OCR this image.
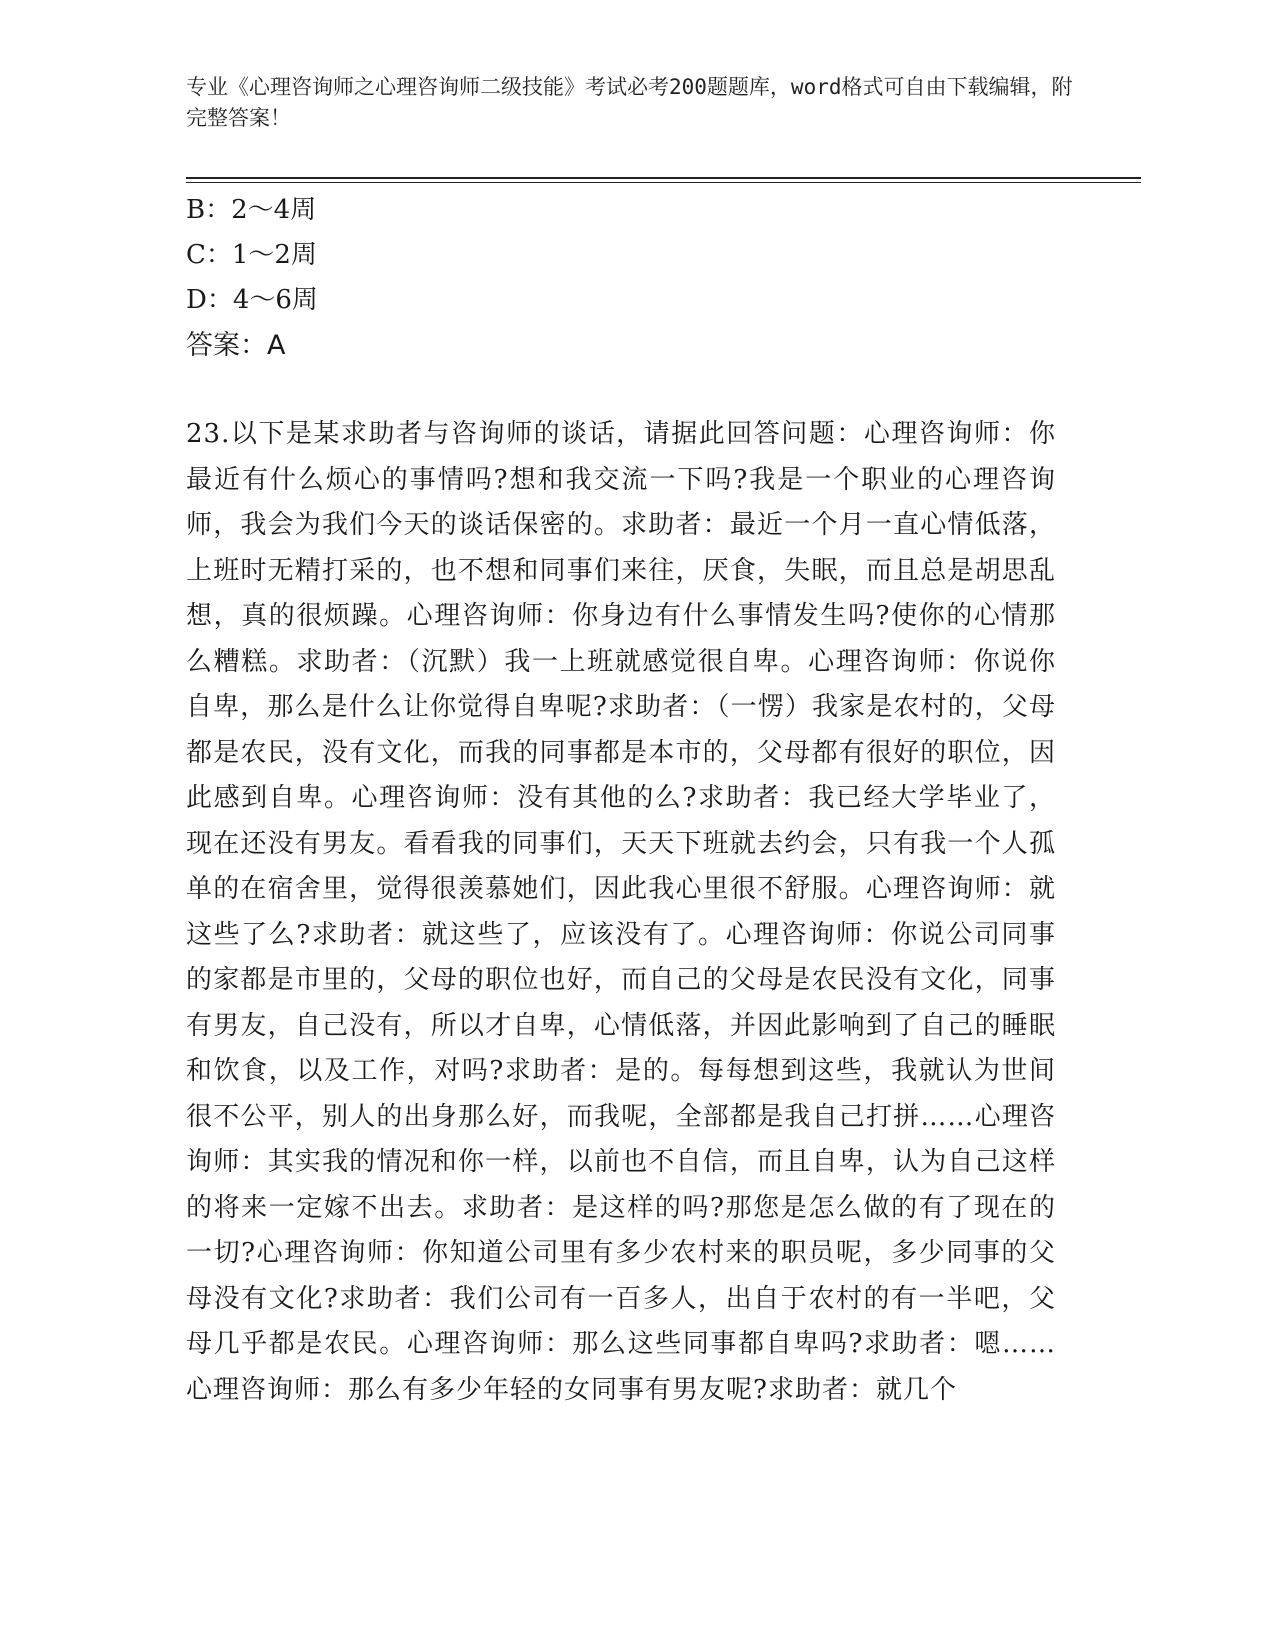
专业《心理咨询师之心理咨询师二级技能》考试必考200题题库，word格式可自由下载编辑，附完整答案！
B：2～4周
C：1～2周
D：4～6周
答案：A
23.以下是某求助者与咨询师的谈话，请据此回答问题：心理咨询师：你最近有什么烦心的事情吗?想和我交流一下吗?我是一个职业的心理咨询师，我会为我们今天的谈话保密的。求助者：最近一个月一直心情低落，上班时无精打采的，也不想和同事们来往，厌食，失眠，而且总是胡思乱想，真的很烦躁。心理咨询师：你身边有什么事情发生吗?使你的心情那么糟糕。求助者：（沉默）我一上班就感觉很自卑。心理咨询师：你说你自卑，那么是什么让你觉得自卑呢?求助者：（一愣）我家是农村的，父母都是农民，没有文化，而我的同事都是本市的，父母都有很好的职位，因此感到自卑。心理咨询师：没有其他的么?求助者：我已经大学毕业了，现在还没有男友。看看我的同事们，天天下班就去约会，只有我一个人孤单的在宿舍里，觉得很羡慕她们，因此我心里很不舒服。心理咨询师：就这些了么?求助者：就这些了，应该没有了。心理咨询师：你说公司同事的家都是市里的，父母的职位也好，而自己的父母是农民没有文化，同事有男友，自己没有，所以才自卑，心情低落，并因此影响到了自己的睡眠和饮食，以及工作，对吗?求助者：是的。每每想到这些，我就认为世间很不公平，别人的出身那么好，而我呢，全部都是我自己打拼……心理咨询师：其实我的情况和你一样，以前也不自信，而且自卑，认为自己这样的将来一定嫁不出去。求助者：是这样的吗?那您是怎么做的有了现在的一切?心理咨询师：你知道公司里有多少农村来的职员呢，多少同事的父母没有文化?求助者：我们公司有一百多人，出自于农村的有一半吧，父母几乎都是农民。心理咨询师：那么这些同事都自卑吗?求助者：嗯……心理咨询师：那么有多少年轻的女同事有男友呢?求助者：就几个
